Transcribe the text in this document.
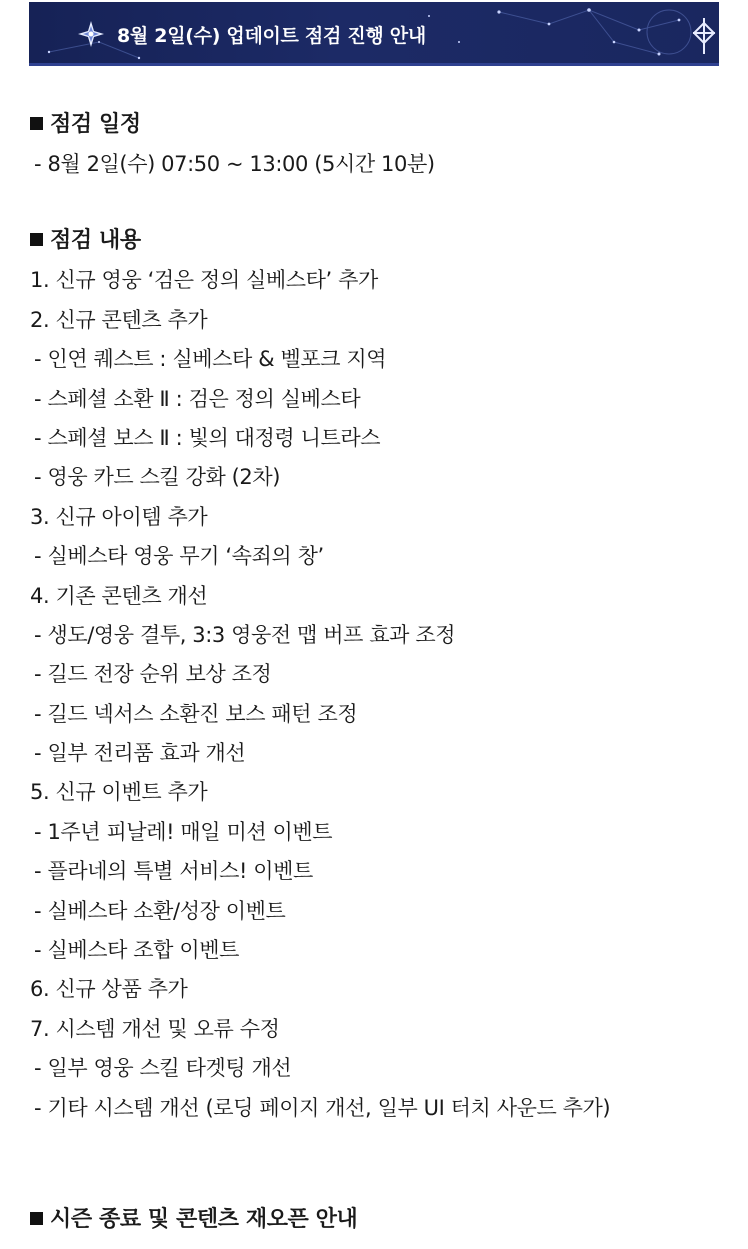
8월 2일(수) 업데이트 점검 진행 안내
점검 일정
- 8월 2일(수) 07:50 ~ 13:00 (5시간 10분)
점검 내용
1. 신규 영웅 ‘검은 정의 실베스타’ 추가
2. 신규 콘텐츠 추가
- 인연 퀘스트 : 실베스타 & 벨포크 지역
- 스페셜 소환 Ⅱ : 검은 정의 실베스타
- 스페셜 보스 Ⅱ : 빛의 대정령 니트라스
- 영웅 카드 스킬 강화 (2차)
3. 신규 아이템 추가
- 실베스타 영웅 무기 ‘속죄의 창’
4. 기존 콘텐츠 개선
- 생도/영웅 결투, 3:3 영웅전 맵 버프 효과 조정
- 길드 전장 순위 보상 조정
- 길드 넥서스 소환진 보스 패턴 조정
- 일부 전리품 효과 개선
5. 신규 이벤트 추가
- 1주년 피날레! 매일 미션 이벤트
- 플라네의 특별 서비스! 이벤트
- 실베스타 소환/성장 이벤트
- 실베스타 조합 이벤트
6. 신규 상품 추가
7. 시스템 개선 및 오류 수정
- 일부 영웅 스킬 타겟팅 개선
- 기타 시스템 개선 (로딩 페이지 개선, 일부 UI 터치 사운드 추가)
시즌 종료 및 콘텐츠 재오픈 안내
